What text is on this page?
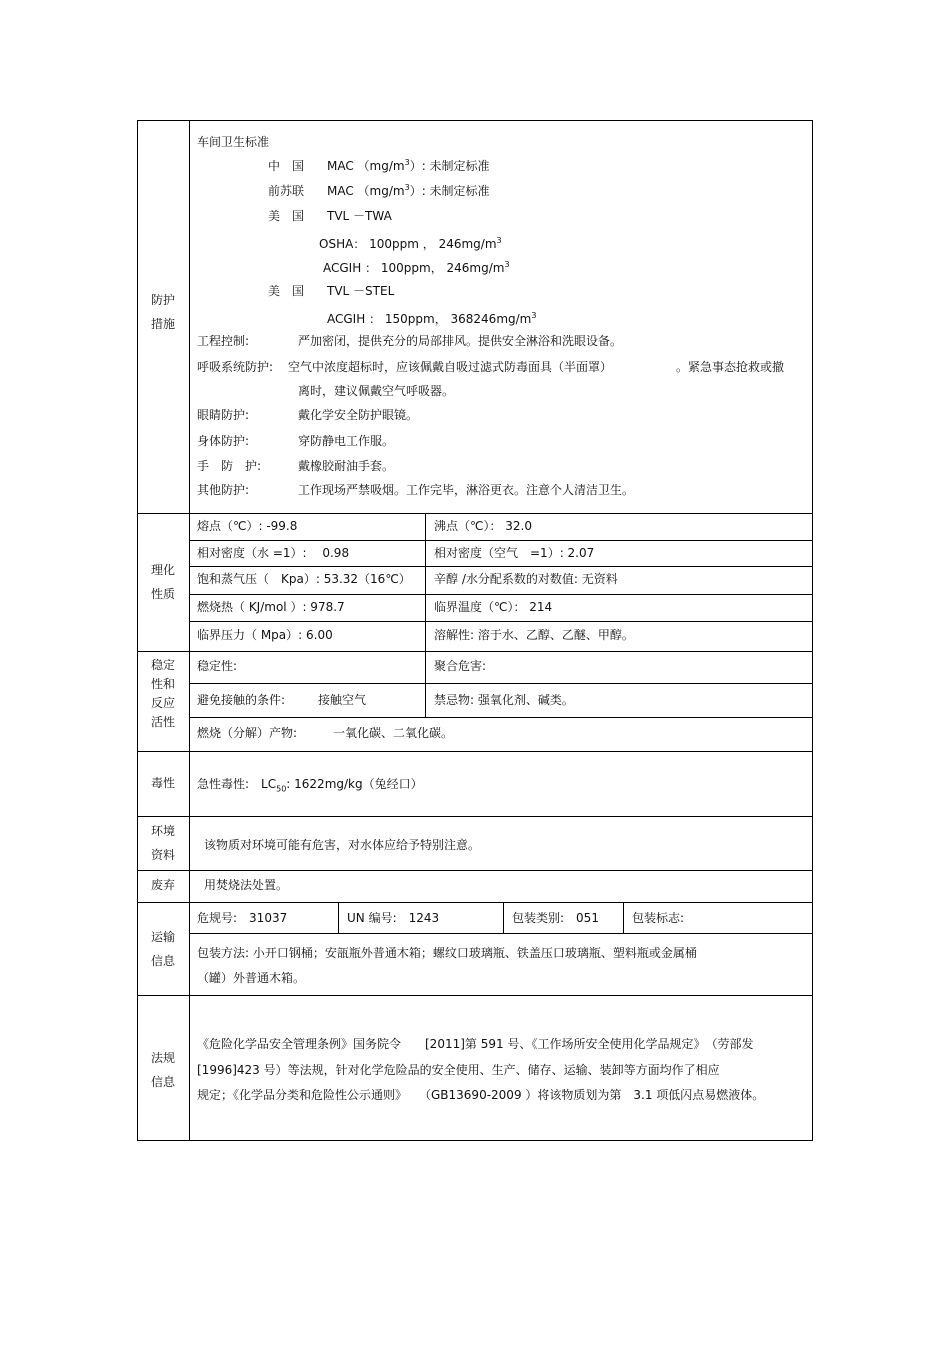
防护
措施
车间卫生标准
中　国 MAC $(mg/m^3)$: 未制定标准
前苏联 MAC $(mg/m^3)$: 未制定标准
美　国 TVL －TWA
OSHA： 100ppm ， $246mg/m^3$
ACGIH ： 100ppm， $246mg/m^3$
美　国 TVL －STEL
ACGIH ： 150ppm， $368246mg/m^3$
工程控制:	严加密闭，提供充分的局部排风。提供安全淋浴和洗眼设备。
呼吸系统防护: 空气中浓度超标时，应该佩戴自吸过滤式防毒面具（半面罩）	。紧急事态抢救或撤
离时，建议佩戴空气呼吸器。
眼睛防护:	戴化学安全防护眼镜。
身体防护:	穿防静电工作服。
手　防　护:	戴橡胶耐油手套。
其他防护:	工作现场严禁吸烟。工作完毕，淋浴更衣。注意个人清洁卫生。
理化
性质
熔点（℃）: -99.8	沸点（℃）： 32.0
相对密度（水 =1）:　 0.98	相对密度（空气　=1）: 2.07
饱和蒸气压（　Kpa）: 53.32（16℃） 辛醇 /水分配系数的对数值: 无资料
燃烧热（ KJ/mol ）: 978.7	临界温度（℃）： 214
临界压力（ Mpa）: 6.00	溶解性: 溶于水、乙醇、乙醚、甲醇。
稳定
性和
反应
活性
稳定性:	聚合危害:
避免接触的条件:	接触空气	禁忌物: 强氧化剂、碱类。
燃烧（分解）产物:	一氧化碳、二氧化碳。
毒性	急性毒性:　$LC_{50}$: 1622mg/kg（兔经口）
环境
资料
该物质对环境可能有危害，对水体应给予特别注意。
废弃	用焚烧法处置。
运输
信息
危规号:　31037	UN 编号:　1243	包装类别:　051	包装标志:
包装方法: 小开口钢桶；安瓿瓶外普通木箱；螺纹口玻璃瓶、铁盖压口玻璃瓶、塑料瓶或金属桶
（罐）外普通木箱。
法规
信息
《危险化学品安全管理条例》国务院令　　[2011]第 591 号、《工作场所安全使用化学品规定》　（劳部发
[1996]423 号）等法规，针对化学危险品的安全使用、生产、储存、运输、装卸等方面均作了相应
规定；《化学品分类和危险性公示通则》　　（GB13690-2009 ）将该物质划为第　3.1 项低闪点易燃液体。
